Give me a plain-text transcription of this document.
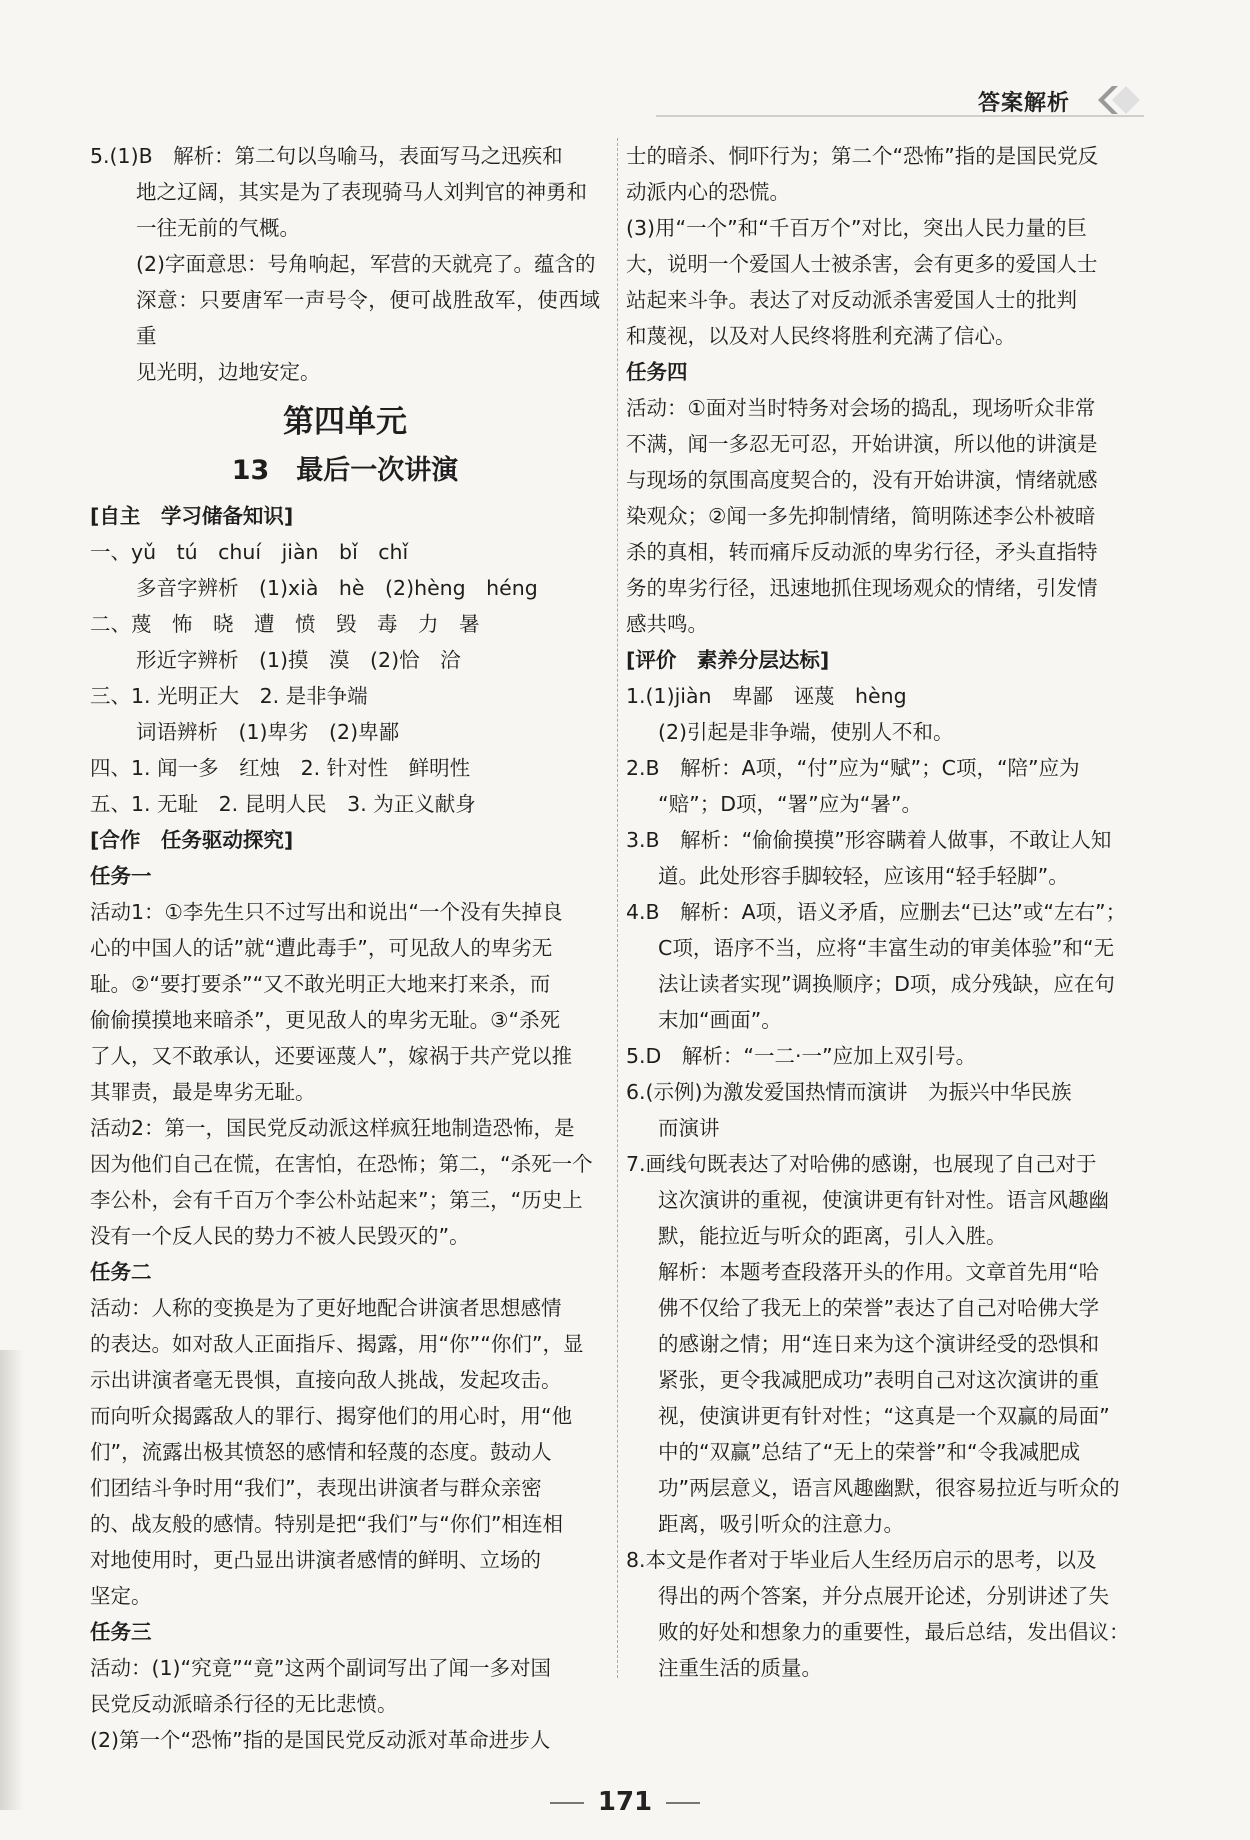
答案解析

5.(1)B　解析：第二句以鸟喻马，表面写马之迅疾和

地之辽阔，其实是为了表现骑马人刘判官的神勇和

一往无前的气概。

(2)字面意思：号角响起，军营的天就亮了。蕴含的

深意：只要唐军一声号令，便可战胜敌军，使西域重

见光明，边地安定。

第四单元

13　最后一次讲演

[自主　学习储备知识]

一、yǔ　tú　chuí　jiàn　bǐ　chǐ

多音字辨析　(1)xià　hè　(2)hèng　héng

二、蔑　怖　晓　遭　愤　毁　毒　力　暑

形近字辨析　(1)摸　漠　(2)恰　洽

三、1. 光明正大　2. 是非争端

词语辨析　(1)卑劣　(2)卑鄙

四、1. 闻一多　红烛　2. 针对性　鲜明性

五、1. 无耻　2. 昆明人民　3. 为正义献身

[合作　任务驱动探究]

任务一

活动1：①李先生只不过写出和说出“一个没有失掉良

心的中国人的话”就“遭此毒手”，可见敌人的卑劣无

耻。②“要打要杀”“又不敢光明正大地来打来杀，而

偷偷摸摸地来暗杀”，更见敌人的卑劣无耻。③“杀死

了人，又不敢承认，还要诬蔑人”，嫁祸于共产党以推

其罪责，最是卑劣无耻。

活动2：第一，国民党反动派这样疯狂地制造恐怖，是

因为他们自己在慌，在害怕，在恐怖；第二，“杀死一个

李公朴，会有千百万个李公朴站起来”；第三，“历史上

没有一个反人民的势力不被人民毁灭的”。

任务二

活动：人称的变换是为了更好地配合讲演者思想感情

的表达。如对敌人正面指斥、揭露，用“你”“你们”，显

示出讲演者毫无畏惧，直接向敌人挑战，发起攻击。

而向听众揭露敌人的罪行、揭穿他们的用心时，用“他

们”，流露出极其愤怒的感情和轻蔑的态度。鼓动人

们团结斗争时用“我们”，表现出讲演者与群众亲密

的、战友般的感情。特别是把“我们”与“你们”相连相

对地使用时，更凸显出讲演者感情的鲜明、立场的

坚定。

任务三

活动：(1)“究竟”“竟”这两个副词写出了闻一多对国

民党反动派暗杀行径的无比悲愤。

(2)第一个“恐怖”指的是国民党反动派对革命进步人

士的暗杀、恫吓行为；第二个“恐怖”指的是国民党反

动派内心的恐慌。

(3)用“一个”和“千百万个”对比，突出人民力量的巨

大，说明一个爱国人士被杀害，会有更多的爱国人士

站起来斗争。表达了对反动派杀害爱国人士的批判

和蔑视，以及对人民终将胜利充满了信心。

任务四

活动：①面对当时特务对会场的捣乱，现场听众非常

不满，闻一多忍无可忍，开始讲演，所以他的讲演是

与现场的氛围高度契合的，没有开始讲演，情绪就感

染观众；②闻一多先抑制情绪，简明陈述李公朴被暗

杀的真相，转而痛斥反动派的卑劣行径，矛头直指特

务的卑劣行径，迅速地抓住现场观众的情绪，引发情

感共鸣。

[评价　素养分层达标]

1.(1)jiàn　卑鄙　诬蔑　hèng

(2)引起是非争端，使别人不和。

2.B　解析：A项，“付”应为“赋”；C项，“陪”应为

“赔”；D项，“署”应为“暑”。

3.B　解析：“偷偷摸摸”形容瞒着人做事，不敢让人知

道。此处形容手脚较轻，应该用“轻手轻脚”。

4.B　解析：A项，语义矛盾，应删去“已达”或“左右”；

C项，语序不当，应将“丰富生动的审美体验”和“无

法让读者实现”调换顺序；D项，成分残缺，应在句

末加“画面”。

5.D　解析：“一二·一”应加上双引号。

6.(示例)为激发爱国热情而演讲　为振兴中华民族

而演讲

7.画线句既表达了对哈佛的感谢，也展现了自己对于

这次演讲的重视，使演讲更有针对性。语言风趣幽

默，能拉近与听众的距离，引人入胜。

解析：本题考查段落开头的作用。文章首先用“哈

佛不仅给了我无上的荣誉”表达了自己对哈佛大学

的感谢之情；用“连日来为这个演讲经受的恐惧和

紧张，更令我减肥成功”表明自己对这次演讲的重

视，使演讲更有针对性；“这真是一个双赢的局面”

中的“双赢”总结了“无上的荣誉”和“令我减肥成

功”两层意义，语言风趣幽默，很容易拉近与听众的

距离，吸引听众的注意力。

8.本文是作者对于毕业后人生经历启示的思考，以及

得出的两个答案，并分点展开论述，分别讲述了失

败的好处和想象力的重要性，最后总结，发出倡议：

注重生活的质量。

171
